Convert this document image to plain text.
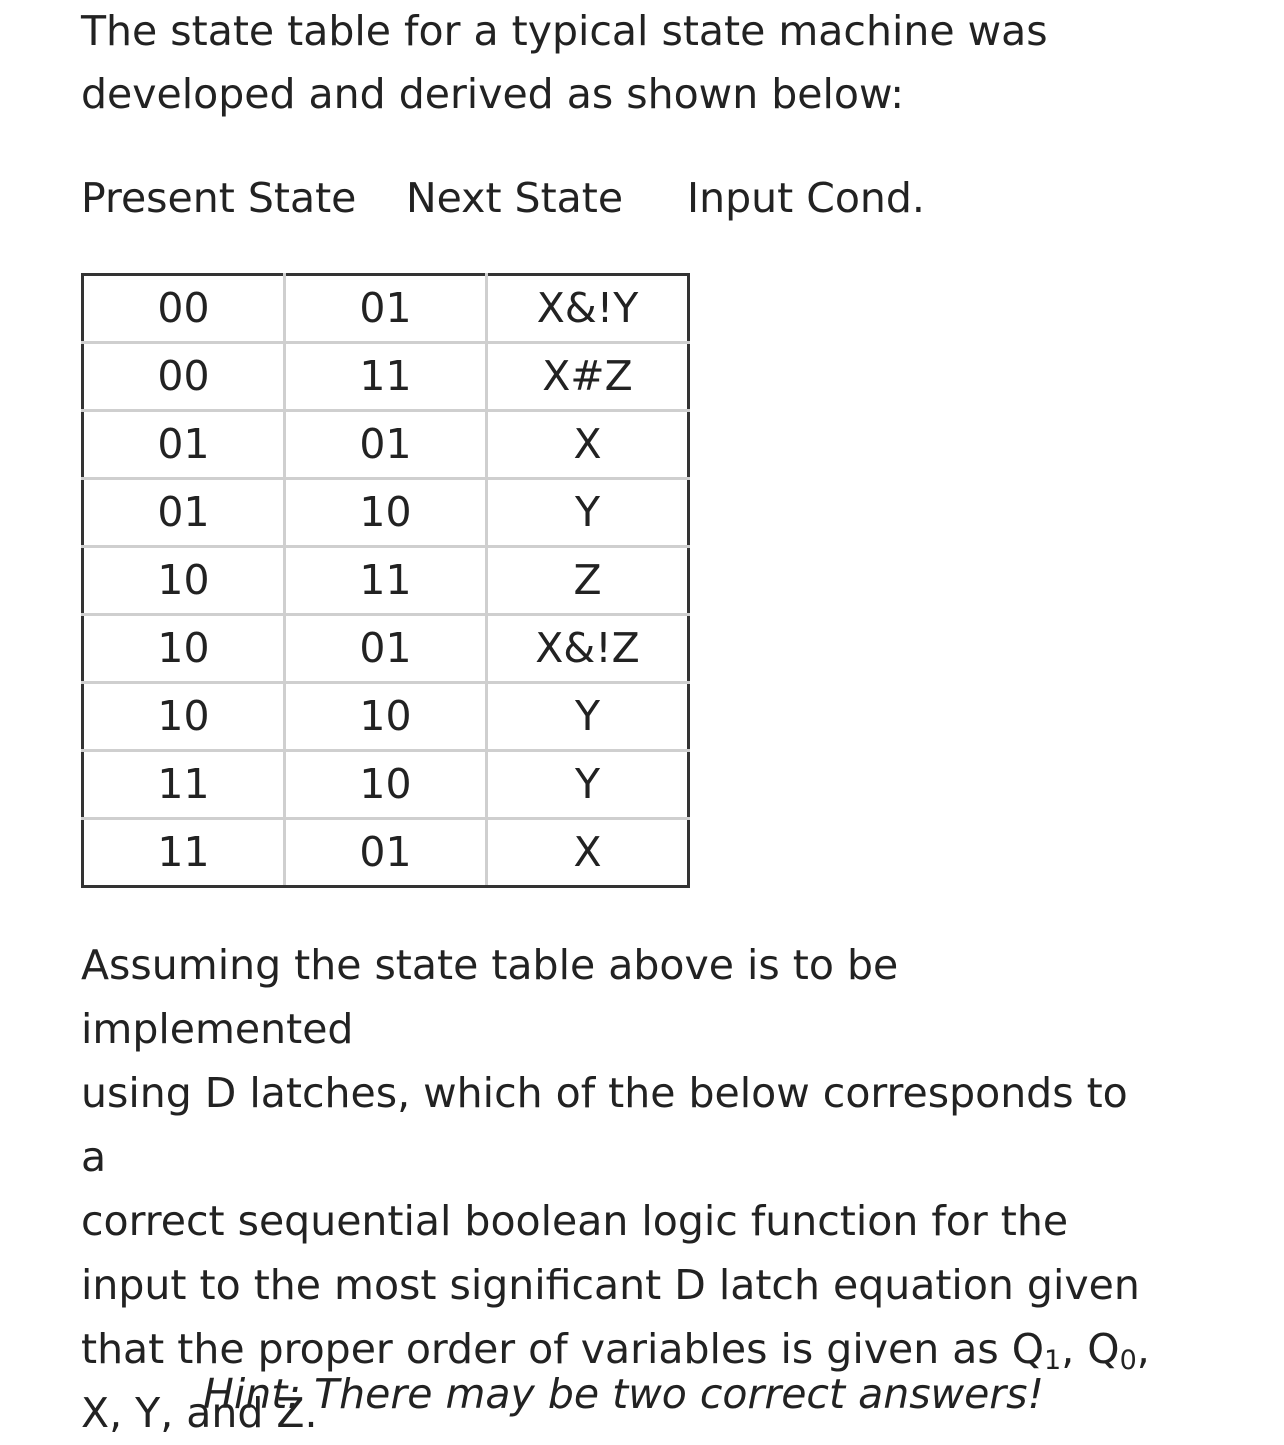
The state table for a typical state machine was
developed and derived as shown below:

Present State Next State Input Cond.
00	01	X&!Y
00	11	X#Z
01	01	X
01	10	Y
10	11	Z
10	01	X&!Z
10	10	Y
11	10	Y
11	01	X

Assuming the state table above is to be implemented
using D latches, which of the below corresponds to a
correct sequential boolean logic function for the
input to the most significant D latch equation given
that the proper order of variables is given as $Q_1$, $Q_0$,
X, Y, and Z.

Hint: There may be two correct answers!
